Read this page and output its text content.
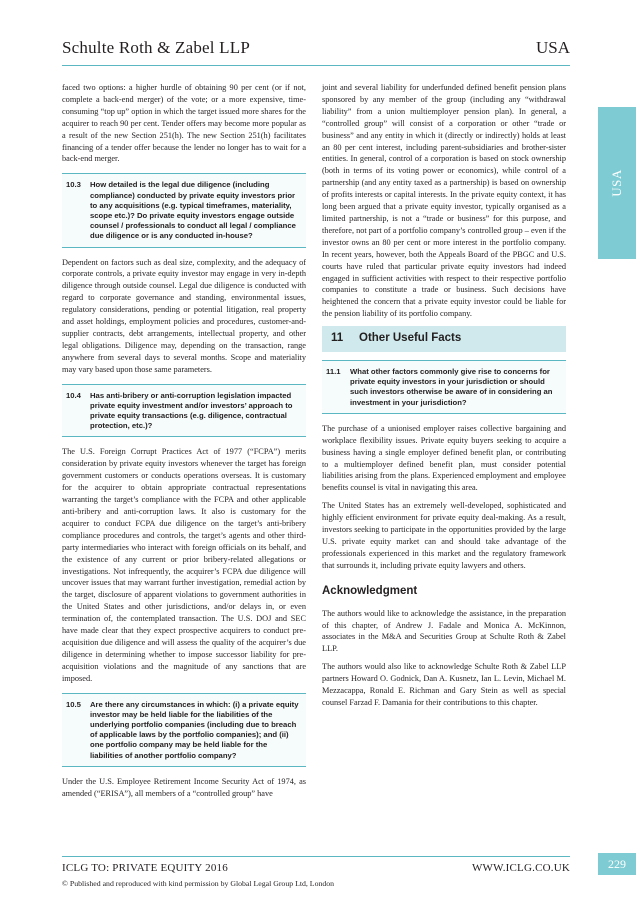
Schulte Roth & Zabel LLP	USA
USA

faced two options: a higher hurdle of obtaining 90 per cent (or if not, complete a back-end merger) of the vote; or a more expensive, time-consuming “top up” option in which the target issued more shares for the acquirer to reach 90 per cent. Tender offers may become more popular as a result of the new Section 251(h). The new Section 251(h) facilitates financing of a tender offer because the lender no longer has to wait for a back-end merger.

10.3	How detailed is the legal due diligence (including compliance) conducted by private equity investors prior to any acquisitions (e.g. typical timeframes, materiality, scope etc.)? Do private equity investors engage outside counsel / professionals to conduct all legal / compliance due diligence or is any conducted in-house?

Dependent on factors such as deal size, complexity, and the adequacy of corporate controls, a private equity investor may engage in very in-depth diligence through outside counsel. Legal due diligence is conducted with regard to corporate governance and standing, environmental issues, regulatory considerations, pending or potential litigation, real property and asset holdings, employment policies and procedures, customer-and-supplier contracts, debt arrangements, intellectual property, and other legal obligations. Diligence may, depending on the transaction, range anywhere from several days to several months. Scope and materiality may vary based upon those same parameters.

10.4	Has anti-bribery or anti-corruption legislation impacted private equity investment and/or investors’ approach to private equity transactions (e.g. diligence, contractual protection, etc.)?

The U.S. Foreign Corrupt Practices Act of 1977 (“FCPA”) merits consideration by private equity investors whenever the target has foreign government customers or conducts operations overseas. It is customary for the acquirer to obtain appropriate contractual representations warranting the target’s compliance with the FCPA and other applicable anti-bribery and anti-corruption laws. It also is customary for the acquirer to conduct FCPA due diligence on the target’s anti-bribery compliance procedures and controls, the target’s agents and other third-party intermediaries who interact with foreign officials on its behalf, and the existence of any current or prior bribery-related allegations or investigations. Not infrequently, the acquirer’s FCPA due diligence will uncover issues that may warrant further investigation, remedial action by the target, disclosure of apparent violations to government authorities in the United States and other jurisdictions, and/or delays in, or even termination of, the contemplated transaction. The U.S. DOJ and SEC have made clear that they expect prospective acquirers to conduct pre-acquisition due diligence and will assess the quality of the acquirer’s due diligence in determining whether to impose successor liability for pre-acquisition violations and the magnitude of any sanctions that are imposed.

10.5	Are there any circumstances in which: (i) a private equity investor may be held liable for the liabilities of the underlying portfolio companies (including due to breach of applicable laws by the portfolio companies); and (ii) one portfolio company may be held liable for the liabilities of another portfolio company?

Under the U.S. Employee Retirement Income Security Act of 1974, as amended (“ERISA”), all members of a “controlled group” have

joint and several liability for underfunded defined benefit pension plans sponsored by any member of the group (including any “withdrawal liability” from a union multiemployer pension plan). In general, a “controlled group” will consist of a corporation or other “trade or business” and any entity in which it (directly or indirectly) holds at least an 80 per cent interest, including parent-subsidiaries and brother-sister entities. In general, control of a corporation is based on stock ownership (both in terms of its voting power or economics), while control of a partnership (and any entity taxed as a partnership) is based on ownership of profits interests or capital interests. In the private equity context, it has long been argued that a private equity investor, typically organised as a limited partnership, is not a “trade or business” for this purpose, and therefore, not part of a portfolio company’s controlled group – even if the investor owns an 80 per cent or more interest in the portfolio company. In recent years, however, both the Appeals Board of the PBGC and U.S. courts have ruled that particular private equity investors had indeed engaged in sufficient activities with respect to their respective portfolio companies to constitute a trade or business. Such decisions have heightened the concern that a private equity investor could be liable for the pension liability of its portfolio company.

11	Other Useful Facts
11.1	What other factors commonly give rise to concerns for private equity investors in your jurisdiction or should such investors otherwise be aware of in considering an investment in your jurisdiction?

The purchase of a unionised employer raises collective bargaining and workplace flexibility issues. Private equity buyers seeking to acquire a business having a single employer defined benefit plan, or contributing to a multiemployer defined benefit plan, must consider potential liabilities arising from the plans. Experienced employment and employee benefits counsel is vital in navigating this area.

The United States has an extremely well-developed, sophisticated and highly efficient environment for private equity deal-making. As a result, investors seeking to participate in the opportunities provided by the large U.S. private equity market can and should take advantage of the professionals experienced in this market and the regulatory framework that surrounds it, including private equity lawyers and others.

Acknowledgment

The authors would like to acknowledge the assistance, in the preparation of this chapter, of Andrew J. Fadale and Monica A. McKinnon, associates in the M&A and Securities Group at Schulte Roth & Zabel LLP.

The authors would also like to acknowledge Schulte Roth & Zabel LLP partners Howard O. Godnick, Dan A. Kusnetz, Ian L. Levin, Michael M. Mezzacappa, Ronald E. Richman and Gary Stein as well as special counsel Farzad F. Damania for their contributions to this chapter.

ICLG TO: PRIVATE EQUITY 2016	WWW.ICLG.CO.UK
© Published and reproduced with kind permission by Global Legal Group Ltd, London
229
